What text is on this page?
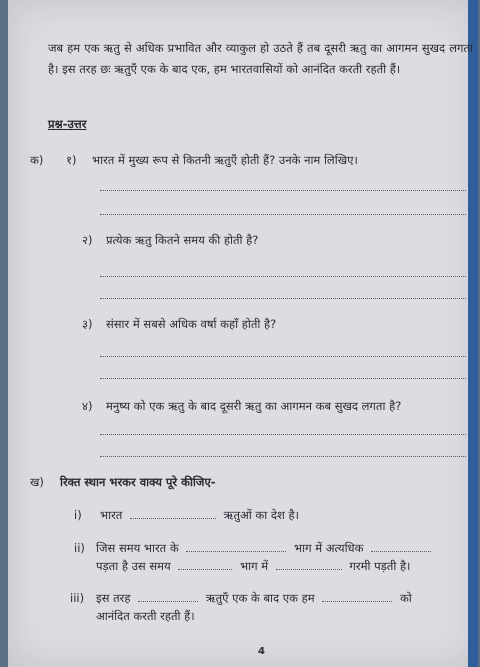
जब हम एक ऋतु से अधिक प्रभावित और व्याकुल हो उठते हैं तब दूसरी ऋतु का आगमन सुखद लगता है। इस तरह छः ऋतुएँ एक के बाद एक, हम भारतवासियों को आनंदित करती रहती हैं।
प्रश्न-उत्तर
क) १) भारत में मुख्य रूप से कितनी ऋतुएँ होती हैं? उनके नाम लिखिए।
२) प्रत्येक ऋतु कितने समय की होती है?
३) संसार में सबसे अधिक वर्षा कहाँ होती है?
४) मनुष्य को एक ऋतु के बाद दूसरी ऋतु का आगमन कब सुखद लगता है?
ख) रिक्त स्थान भरकर वाक्य पूरे कीजिए-
i) भारत	ऋतुओं का देश है।
ii) जिस समय भारत के	भाग में अत्यधिक
पड़ता है उस समय	भाग में	गरमी पड़ती है।
iii) इस तरह	ऋतुएँ एक के बाद एक हम	को
आनंदित करती रहती हैं।
4
